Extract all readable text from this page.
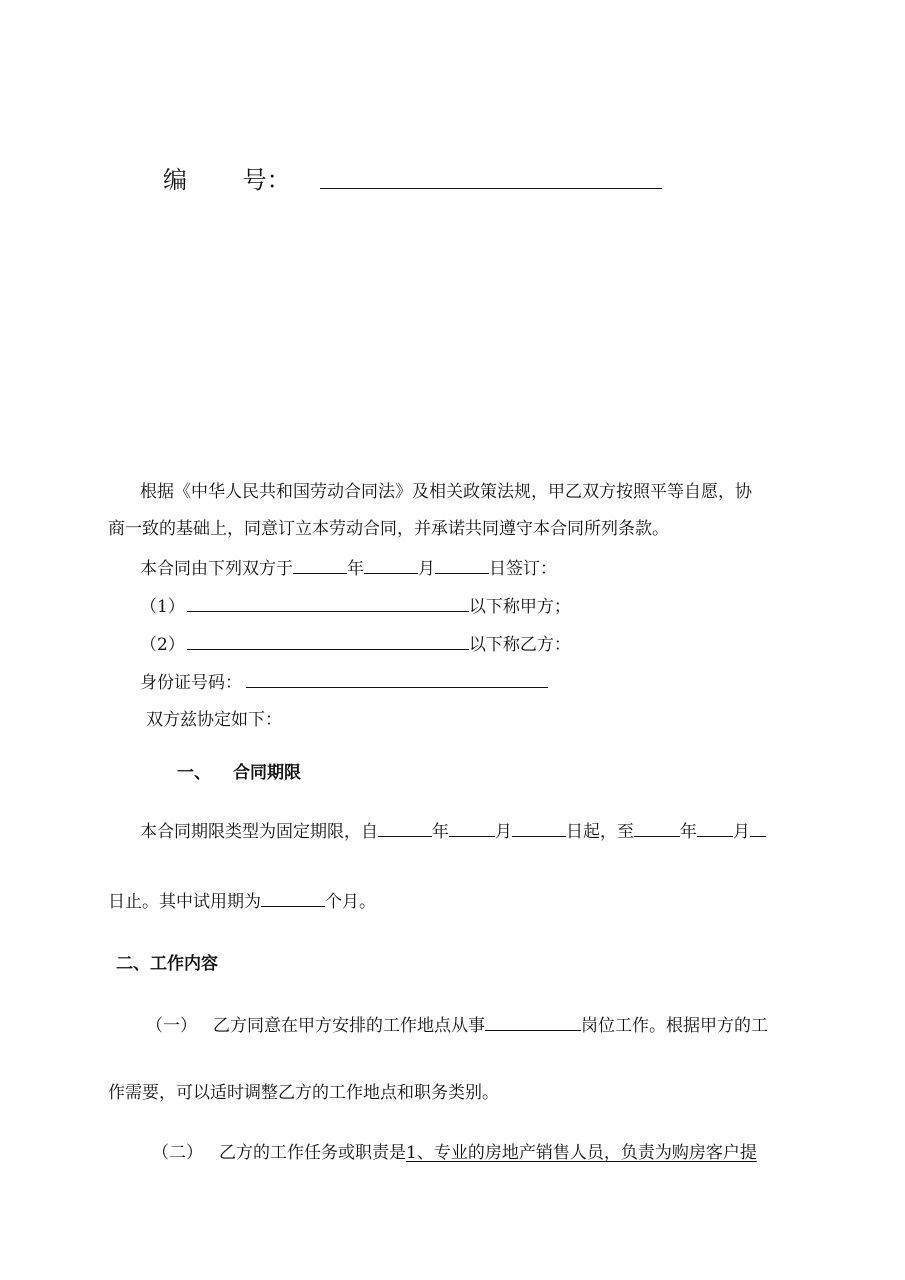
编 号：
根据《中华人民共和国劳动合同法》及相关政策法规，甲乙双方按照平等自愿，协
商一致的基础上，同意订立本劳动合同，并承诺共同遵守本合同所列条款。
本合同由下列双方于	年	月	日签订：
（1）	以下称甲方；
（2）	以下称乙方：
身份证号码：
双方兹协定如下：
一、 合同期限
本合同期限类型为固定期限，自	年	月	日起，至	年 月
日止。其中试用期为	个月。
二、工作内容
（一） 乙方同意在甲方安排的工作地点从事	岗位工作。根据甲方的工
作需要，可以适时调整乙方的工作地点和职务类别。
（二） 乙方的工作任务或职责是1、专业的房地产销售人员，负责为购房客户提
